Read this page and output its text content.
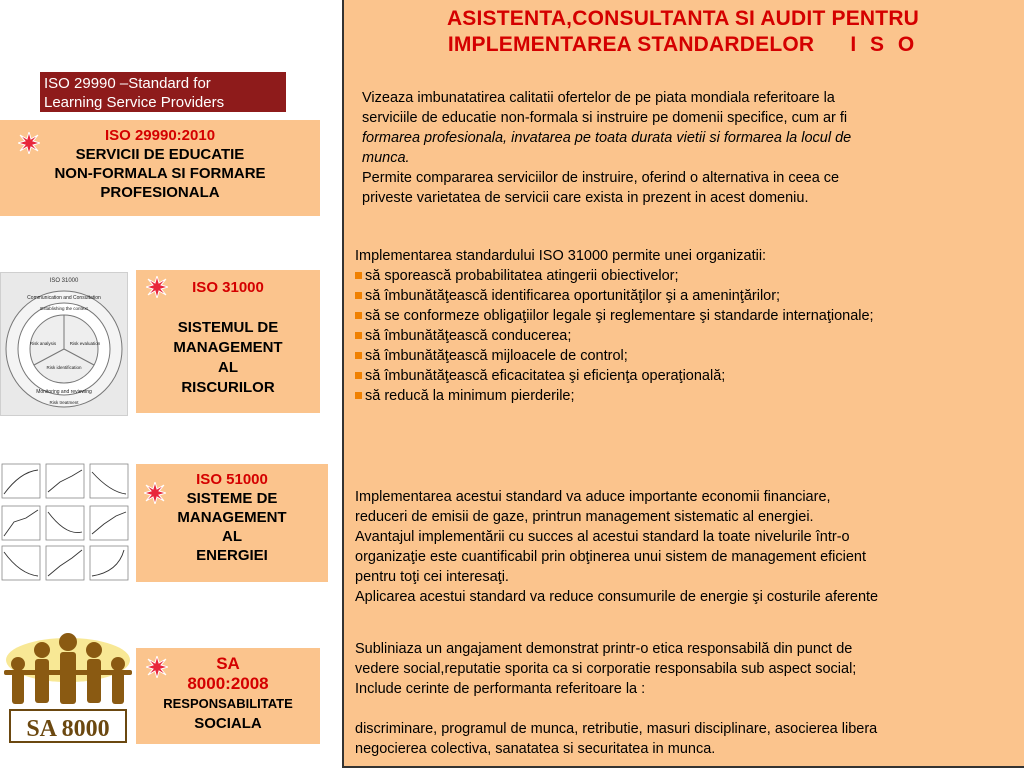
ISO 29990 –Standard for
Learning Service Providers
ISO 29990:2010
SERVICII DE EDUCATIE
NON-FORMALA SI FORMARE
PROFESIONALA
ISO 31000
Communication and Consultation
Establishing the context
Risk analysis	Risk evaluation
Risk identification
Monitoring and reviewing
Risk treatment
ISO 31000
SISTEMUL DE
MANAGEMENT
AL
RISCURILOR
ISO 51000
SISTEME DE
MANAGEMENT
AL
ENERGIEI
SA 8000
SA
8000:2008
RESPONSABILITATE
SOCIALA
ASISTENTA,CONSULTANTA SI AUDIT PENTRU
IMPLEMENTAREA STANDARDELOR I S O
Vizeaza imbunatatirea calitatii ofertelor de pe piata mondiala referitoare la
serviciile de educatie non-formala si instruire pe domenii specifice, cum ar fi
formarea profesionala, invatarea pe toata durata vietii si formarea la locul de
munca.
Permite compararea serviciilor de instruire, oferind o alternativa in ceea ce
priveste varietatea de servicii care exista in prezent in acest domeniu.
Implementarea standardului ISO 31000 permite unei organizatii:
să sporească probabilitatea atingerii obiectivelor;
să îmbunătăţească identificarea oportunităţilor şi a ameninţărilor;
să se conformeze obligaţiilor legale şi reglementare şi standarde internaţionale;
să îmbunătăţească conducerea;
să îmbunătăţească mijloacele de control;
să îmbunătăţească eficacitatea şi eficienţa operaţională;
să reducă la minimum pierderile;
Implementarea acestui standard va aduce importante economii financiare,
reduceri de emisii de gaze, printrun management sistematic al energiei.
Avantajul implementării cu succes al acestui standard la toate nivelurile într-o
organizaţie este cuantificabil prin obţinerea unui sistem de management eficient
pentru toţi cei interesaţi.
Aplicarea acestui standard va reduce consumurile de energie şi costurile aferente
Subliniaza un angajament demonstrat printr-o etica responsabilă din punct de
vedere social,reputatie sporita ca si corporatie responsabila sub aspect social;
Include cerinte de performanta referitoare la :
discriminare, programul de munca, retributie, masuri disciplinare, asocierea libera
negocierea colectiva, sanatatea si securitatea in munca.
